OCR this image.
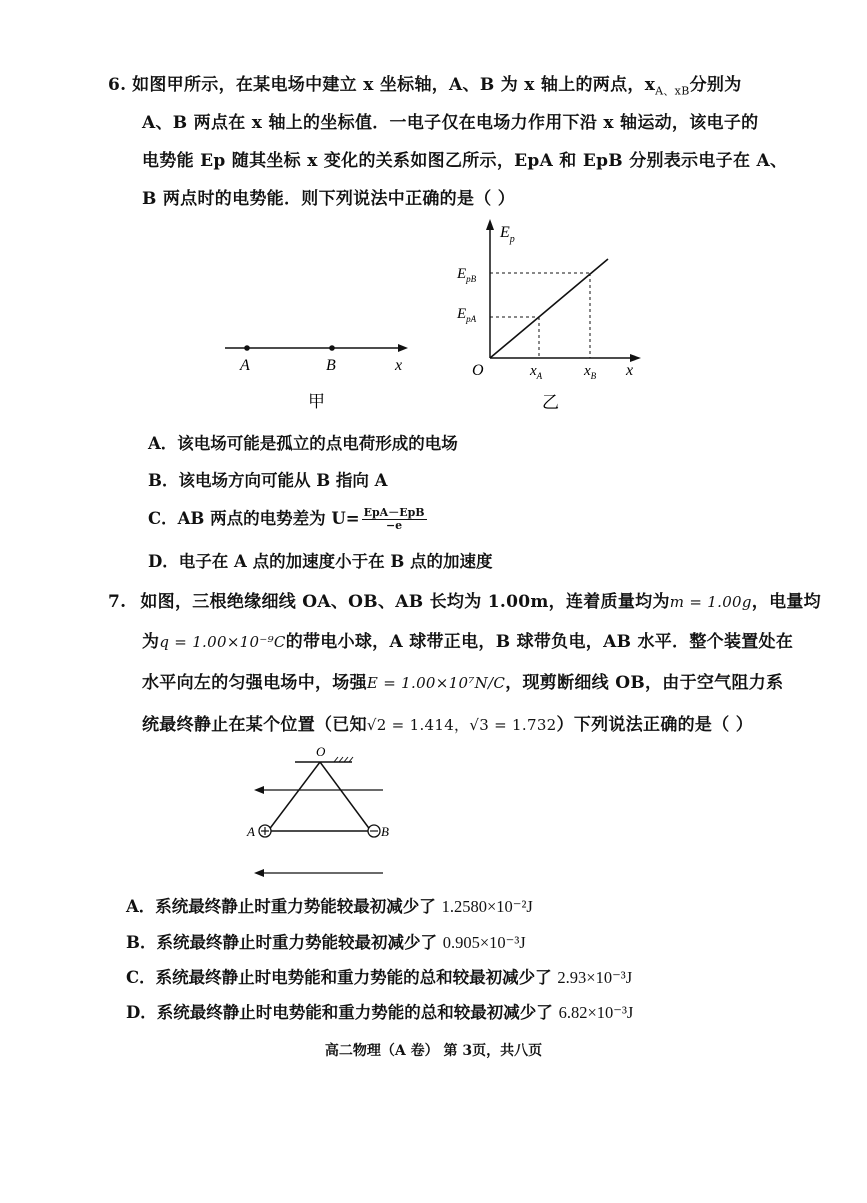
6. 如图甲所示，在某电场中建立 x 坐标轴，A、B 为 x 轴上的两点，$x_{A、xB}$分别为
A、B 两点在 x 轴上的坐标值．一电子仅在电场力作用下沿 x 轴运动，该电子的
电势能 Ep 随其坐标 x 变化的关系如图乙所示，EpA 和 EpB 分别表示电子在 A、
B 两点时的电势能．则下列说法中正确的是（ ）
A	B	x
甲
$E_p$
$E_{pB}$
$E_{pA}$
O	$x_A$	$x_B$ x
乙
A．该电场可能是孤立的点电荷形成的电场
B．该电场方向可能从 B 指向 A
C．AB 两点的电势差为 $U= \frac{\text{EpA－EpB}}{-e}$
D．电子在 A 点的加速度小于在 B 点的加速度
7. 如图，三根绝缘细线 OA、OB、AB 长均为 1.00m，连着质量均为m = 1.00g，电量均
为q = 1.00×10⁻⁹C的带电小球，A 球带正电，B 球带负电，AB 水平．整个装置处在
水平向左的匀强电场中，场强E = 1.00×10⁷N/C，现剪断细线 OB，由于空气阻力系
统最终静止在某个位置（已知√2 = 1.414，√3 = 1.732）下列说法正确的是（ ）
O
A	B
A．系统最终静止时重力势能较最初减少了 1.2580×10⁻²J
B．系统最终静止时重力势能较最初减少了 0.905×10⁻³J
C．系统最终静止时电势能和重力势能的总和较最初减少了 2.93×10⁻³J
D．系统最终静止时电势能和重力势能的总和较最初减少了 6.82×10⁻³J
高二物理（A 卷） 第 3页，共八页
